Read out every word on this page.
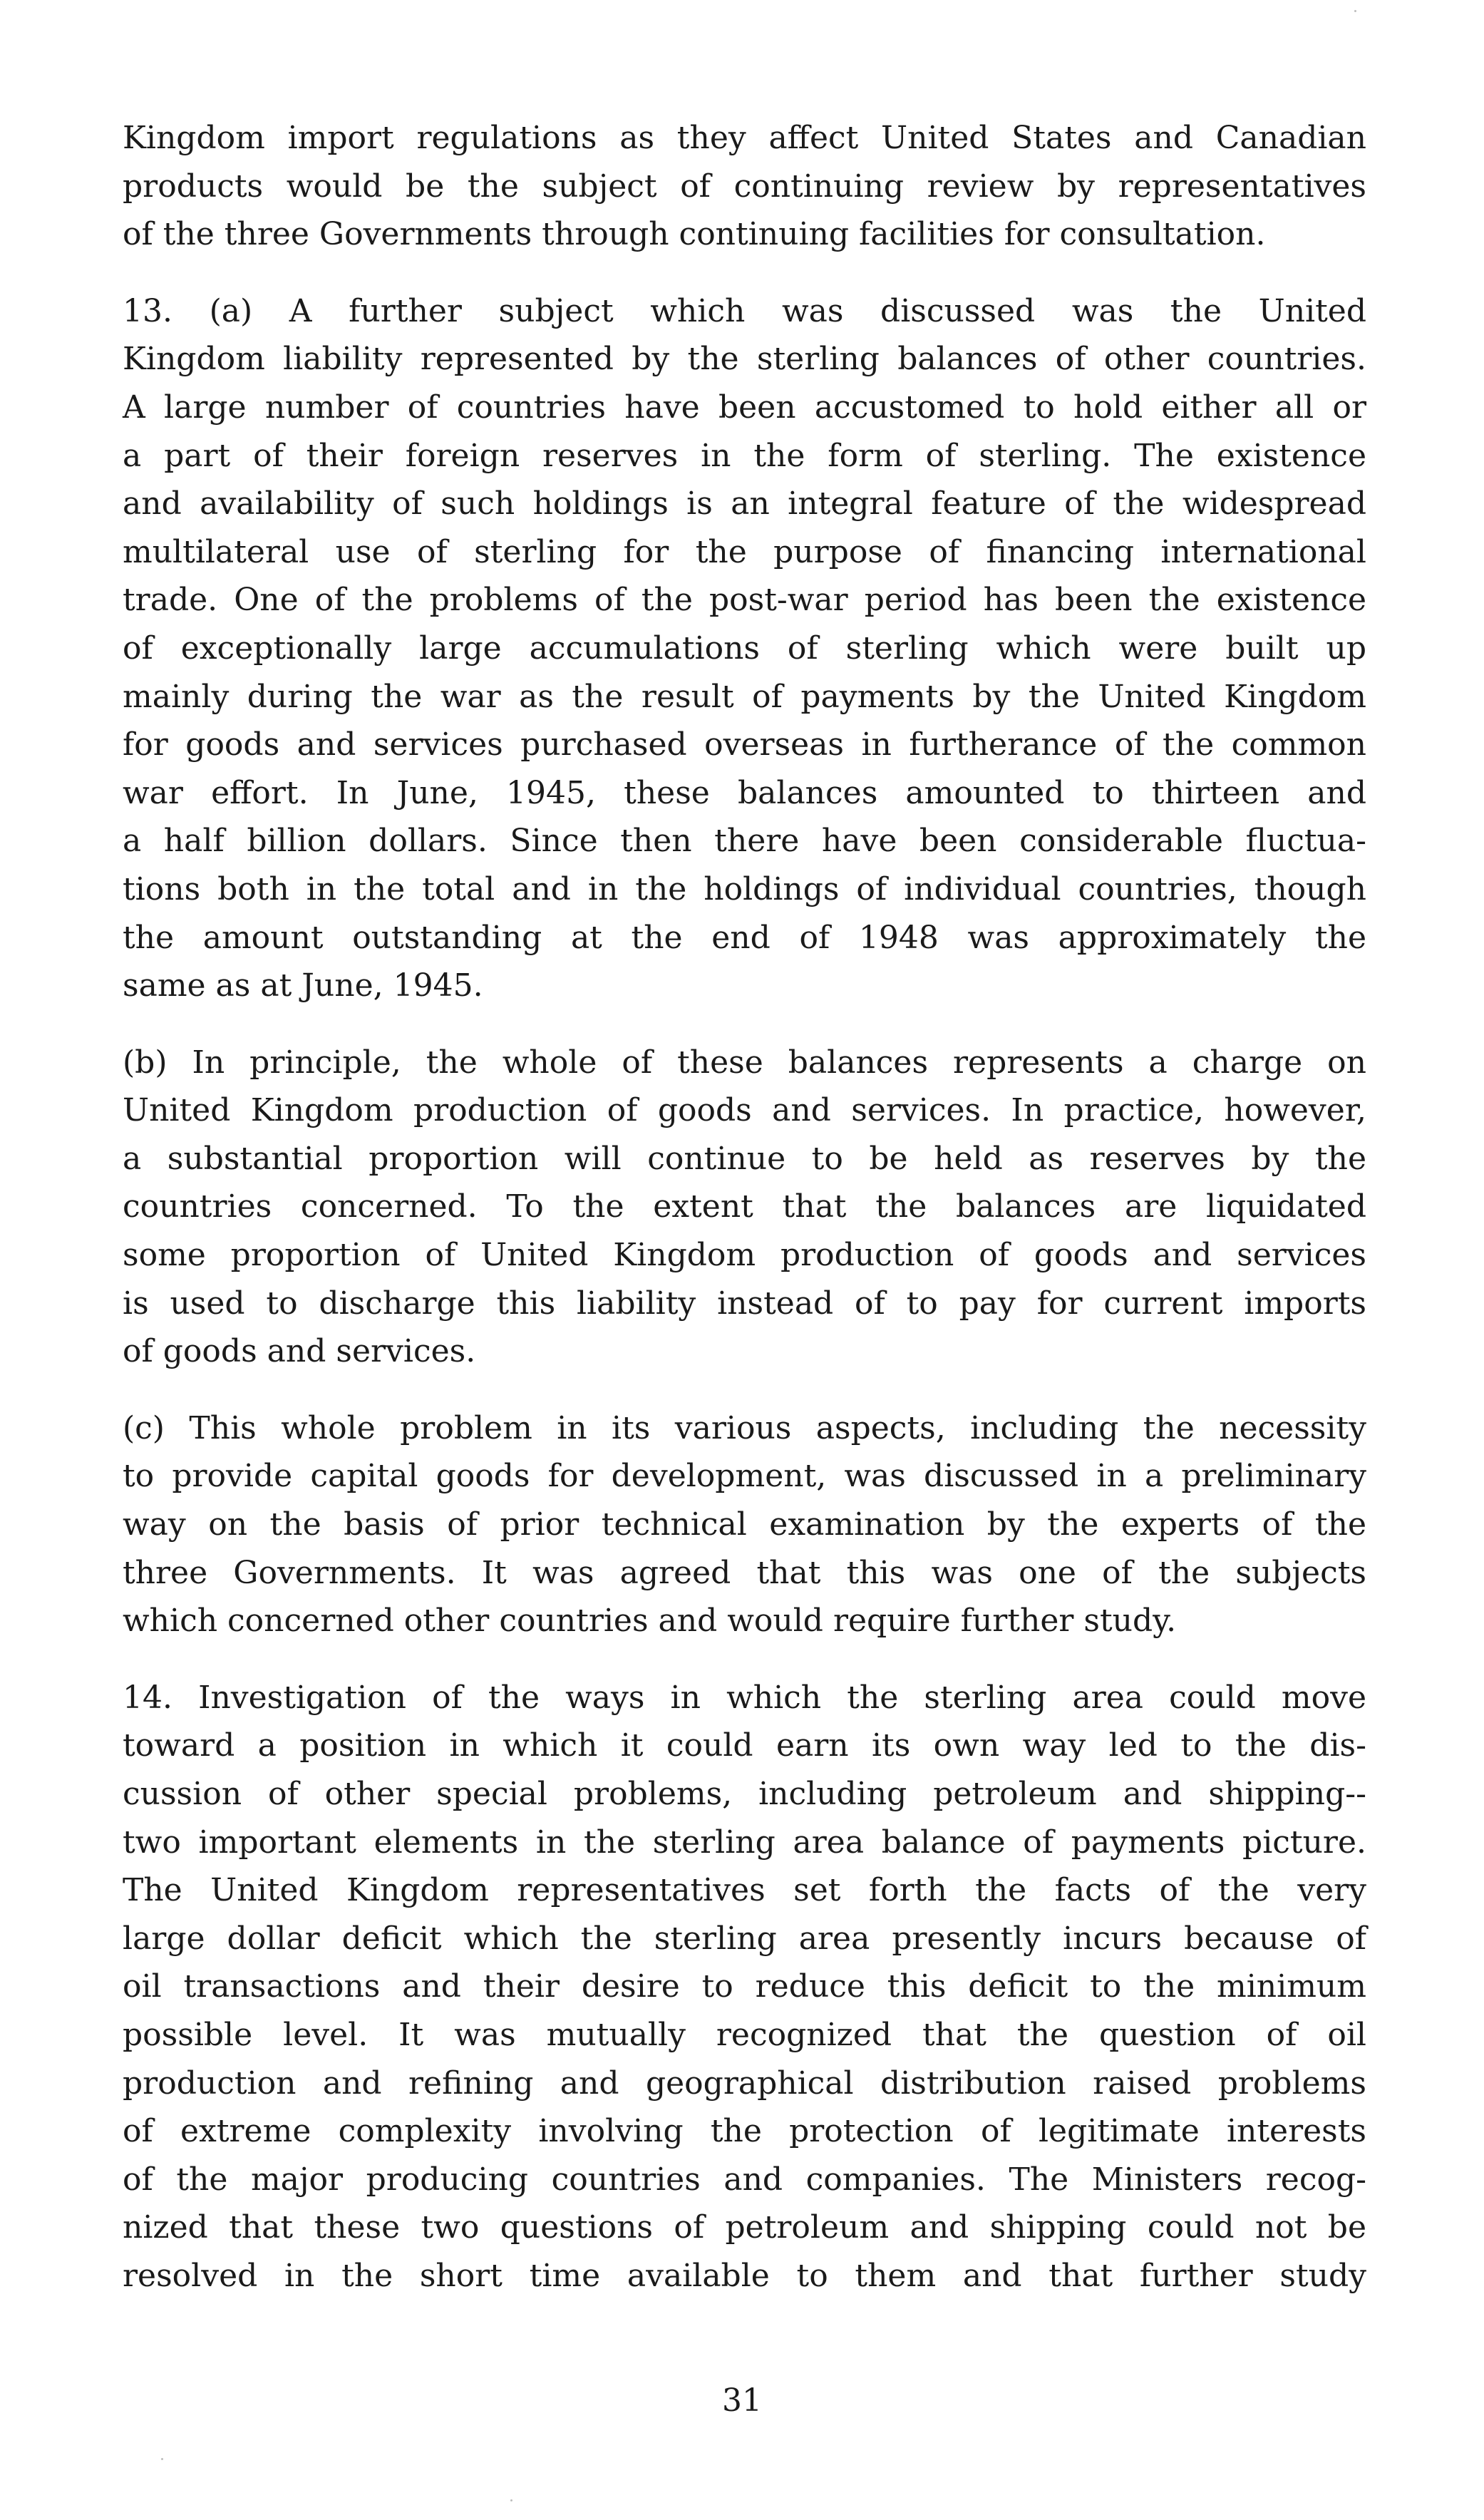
Kingdom import regulations as they affect United States and Canadian
products would be the subject of continuing review by representatives
of the three Governments through continuing facilities for consultation.

13. (a) A further subject which was discussed was the United
Kingdom liability represented by the sterling balances of other countries.
A large number of countries have been accustomed to hold either all or
a part of their foreign reserves in the form of sterling. The existence
and availability of such holdings is an integral feature of the widespread
multilateral use of sterling for the purpose of financing international
trade. One of the problems of the post-war period has been the existence
of exceptionally large accumulations of sterling which were built up
mainly during the war as the result of payments by the United Kingdom
for goods and services purchased overseas in furtherance of the common
war effort. In June, 1945, these balances amounted to thirteen and
a half billion dollars. Since then there have been considerable fluctua-
tions both in the total and in the holdings of individual countries, though
the amount outstanding at the end of 1948 was approximately the
same as at June, 1945.

(b) In principle, the whole of these balances represents a charge on
United Kingdom production of goods and services. In practice, however,
a substantial proportion will continue to be held as reserves by the
countries concerned. To the extent that the balances are liquidated
some proportion of United Kingdom production of goods and services
is used to discharge this liability instead of to pay for current imports
of goods and services.

(c) This whole problem in its various aspects, including the necessity
to provide capital goods for development, was discussed in a preliminary
way on the basis of prior technical examination by the experts of the
three Governments. It was agreed that this was one of the subjects
which concerned other countries and would require further study.

14. Investigation of the ways in which the sterling area could move
toward a position in which it could earn its own way led to the dis-
cussion of other special problems, including petroleum and shipping--
two important elements in the sterling area balance of payments picture.
The United Kingdom representatives set forth the facts of the very
large dollar deficit which the sterling area presently incurs because of
oil transactions and their desire to reduce this deficit to the minimum
possible level. It was mutually recognized that the question of oil
production and refining and geographical distribution raised problems
of extreme complexity involving the protection of legitimate interests
of the major producing countries and companies. The Ministers recog-
nized that these two questions of petroleum and shipping could not be
resolved in the short time available to them and that further study

31
